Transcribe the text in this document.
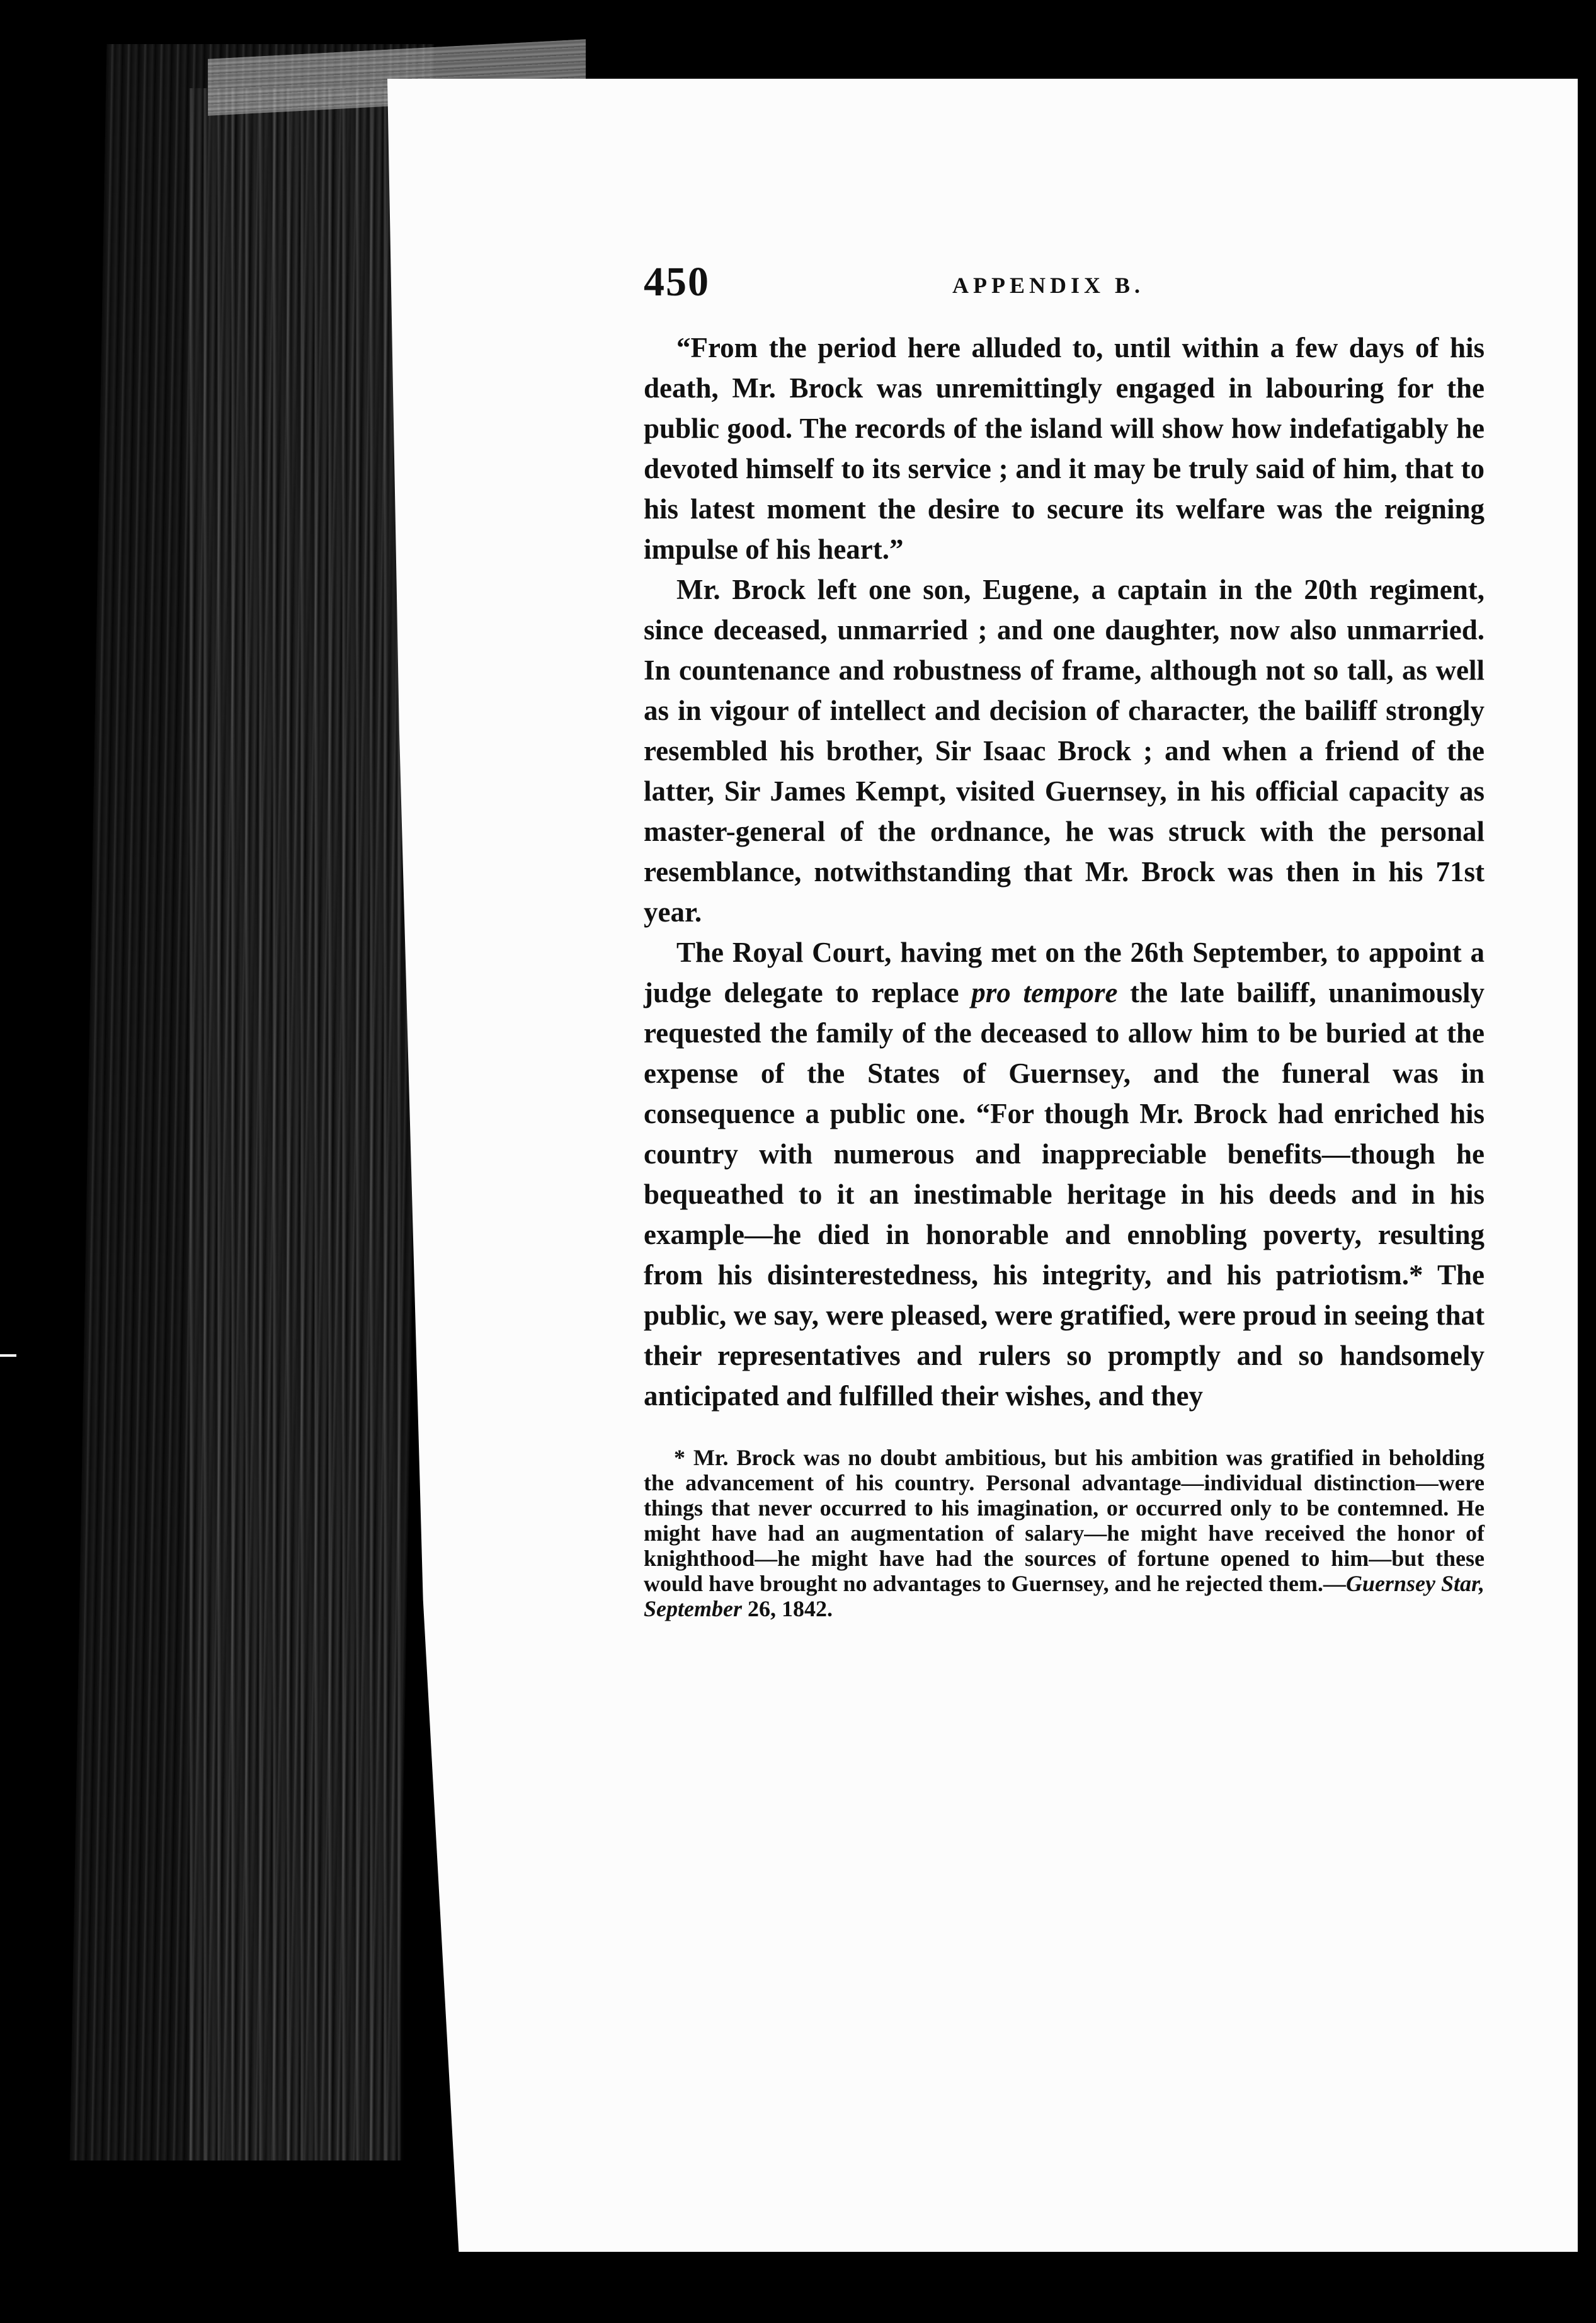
450	APPENDIX B.

“From the period here alluded to, until within a few days of his death, Mr. Brock was unremittingly engaged in labouring for the public good. The records of the island will show how indefatigably he devoted himself to its service ; and it may be truly said of him, that to his latest moment the desire to secure its welfare was the reigning impulse of his heart.”

Mr. Brock left one son, Eugene, a captain in the 20th regiment, since deceased, unmarried ; and one daughter, now also unmarried. In countenance and robustness of frame, although not so tall, as well as in vigour of intellect and decision of character, the bailiff strongly resembled his brother, Sir Isaac Brock ; and when a friend of the latter, Sir James Kempt, visited Guernsey, in his official capacity as master-general of the ordnance, he was struck with the personal resemblance, notwithstanding that Mr. Brock was then in his 71st year.

The Royal Court, having met on the 26th September, to appoint a judge delegate to replace pro tempore the late bailiff, unanimously requested the family of the deceased to allow him to be buried at the expense of the States of Guernsey, and the funeral was in consequence a public one. “For though Mr. Brock had enriched his country with numerous and inappreciable benefits—though he bequeathed to it an inestimable heritage in his deeds and in his example—he died in honorable and ennobling poverty, resulting from his disinterestedness, his integrity, and his patriotism.* The public, we say, were pleased, were gratified, were proud in seeing that their representatives and rulers so promptly and so handsomely anticipated and fulfilled their wishes, and they

* Mr. Brock was no doubt ambitious, but his ambition was gratified in beholding the advancement of his country. Personal advantage—individual distinction—were things that never occurred to his imagination, or occurred only to be contemned. He might have had an augmentation of salary—he might have received the honor of knighthood—he might have had the sources of fortune opened to him—but these would have brought no advantages to Guernsey, and he rejected them.—Guernsey Star, September 26, 1842.
